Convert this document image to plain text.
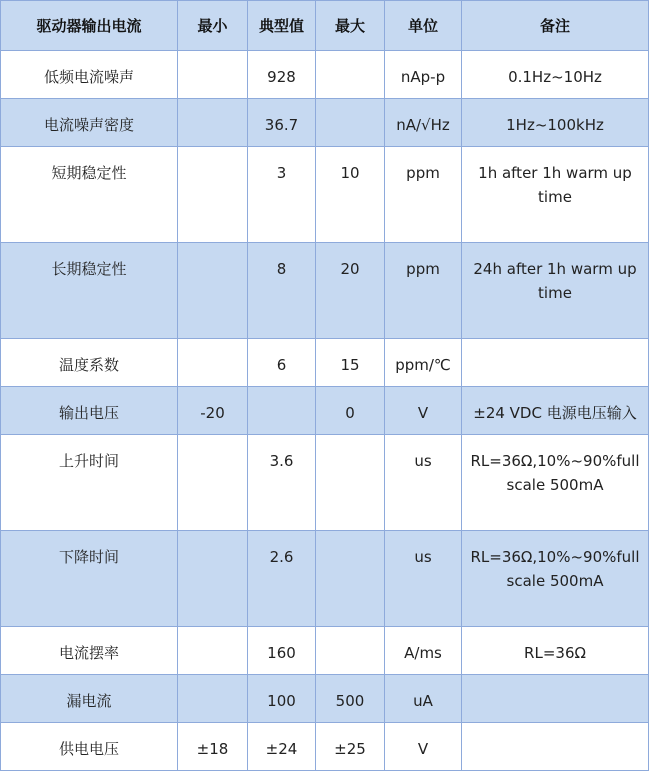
驱动器输出电流	最小	典型值	最大	单位	备注
低频电流噪声		928		nAp-p	0.1Hz~10Hz
电流噪声密度		36.7		nA/√Hz	1Hz~100kHz
短期稳定性		3	10	ppm	1h after 1h warm up time
长期稳定性		8	20	ppm	24h after 1h warm up time
温度系数		6	15	ppm/℃	
输出电压	-20		0	V	±24 VDC 电源电压输入
上升时间		3.6		us	RL=36Ω,10%~90%full scale 500mA
下降时间		2.6		us	RL=36Ω,10%~90%full scale 500mA
电流摆率		160		A/ms	RL=36Ω
漏电流		100	500	uA	
供电电压	±18	±24	±25	V	
